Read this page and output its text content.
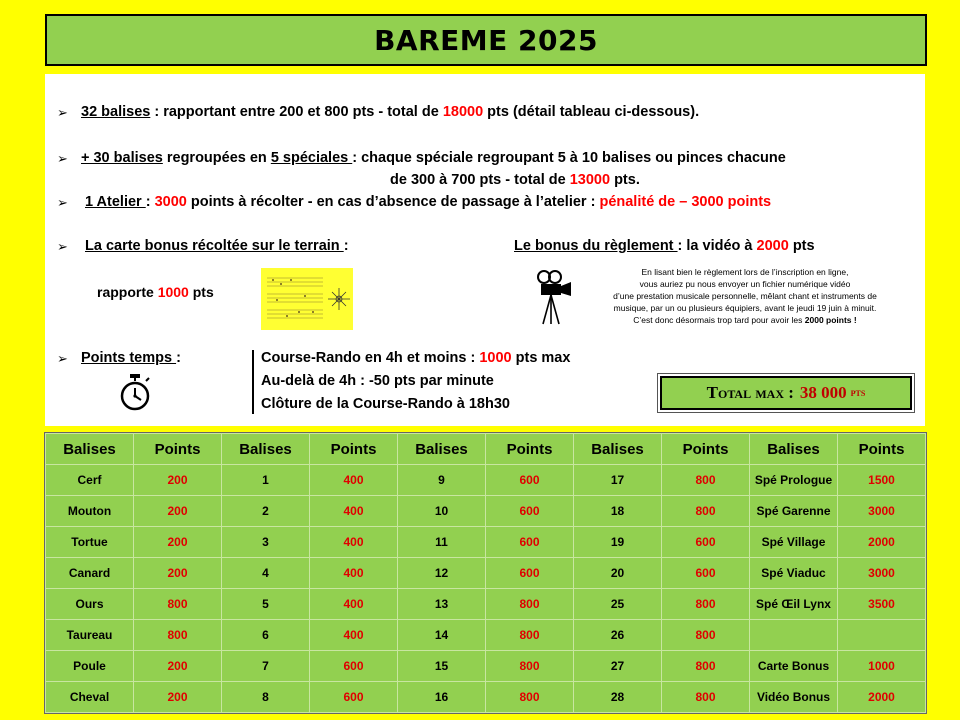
BAREME 2025
➢ 32 balises : rapportant entre 200 et 800 pts - total de 18000 pts (détail tableau ci-dessous).
➢ + 30 balises regroupées en 5 spéciales : chaque spéciale regroupant 5 à 10 balises ou pinces chacune
de 300 à 700 pts - total de 13000 pts.
➢ 1 Atelier : 3000 points à récolter - en cas d’absence de passage à l’atelier : pénalité de – 3000 points
➢ La carte bonus récoltée sur le terrain :	Le bonus du règlement : la vidéo à 2000 pts
rapporte 1000 pts
En lisant bien le règlement lors de l’inscription en ligne,
vous auriez pu nous envoyer un fichier numérique vidéo
d’une prestation musicale personnelle, mêlant chant et instruments de
musique, par un ou plusieurs équipiers, avant le jeudi 19 juin à minuit.
C’est donc désormais trop tard pour avoir les 2000 points !
➢ Points temps :	Course-Rando en 4h et moins : 1000 pts max
Au-delà de 4h : -50 pts par minute
Clôture de la Course-Rando à 18h30
Total max : 38 000 pts
Balises	Points	Balises	Points	Balises	Points	Balises	Points	Balises	Points
Cerf	200	1	400	9	600	17	800	Spé Prologue	1500
Mouton	200	2	400	10	600	18	800	Spé Garenne	3000
Tortue	200	3	400	11	600	19	600	Spé Village	2000
Canard	200	4	400	12	600	20	600	Spé Viaduc	3000
Ours	800	5	400	13	800	25	800	Spé Œil Lynx	3500
Taureau	800	6	400	14	800	26	800		
Poule	200	7	600	15	800	27	800	Carte Bonus	1000
Cheval	200	8	600	16	800	28	800	Vidéo Bonus	2000
